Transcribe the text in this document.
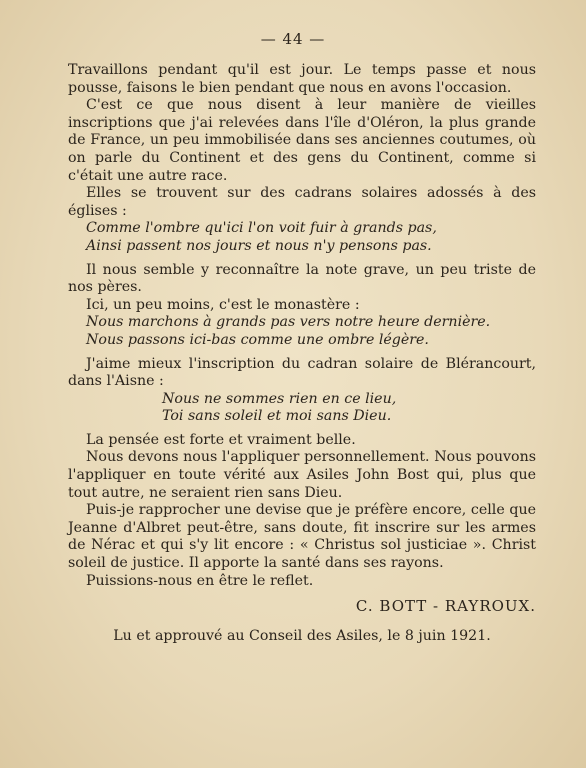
— 44 —

Travaillons pendant qu'il est jour. Le temps passe et nous pousse, faisons le bien pendant que nous en avons l'occasion.

C'est ce que nous disent à leur manière de vieilles inscriptions que j'ai relevées dans l'île d'Oléron, la plus grande de France, un peu immobilisée dans ses anciennes coutumes, où on parle du Continent et des gens du Continent, comme si c'était une autre race.

Elles se trouvent sur des cadrans solaires adossés à des églises :

Comme l'ombre qu'ici l'on voit fuir à grands pas,

Ainsi passent nos jours et nous n'y pensons pas.

Il nous semble y reconnaître la note grave, un peu triste de nos pères.

Ici, un peu moins, c'est le monastère :

Nous marchons à grands pas vers notre heure dernière.

Nous passons ici-bas comme une ombre légère.

J'aime mieux l'inscription du cadran solaire de Blérancourt, dans l'Aisne :

Nous ne sommes rien en ce lieu,

Toi sans soleil et moi sans Dieu.

La pensée est forte et vraiment belle.

Nous devons nous l'appliquer personnellement. Nous pouvons l'appliquer en toute vérité aux Asiles John Bost qui, plus que tout autre, ne seraient rien sans Dieu.

Puis-je rapprocher une devise que je préfère encore, celle que Jeanne d'Albret peut-être, sans doute, fit inscrire sur les armes de Nérac et qui s'y lit encore : « Christus sol justiciae ». Christ soleil de justice. Il apporte la santé dans ses rayons.

Puissions-nous en être le reflet.

C. BOTT - RAYROUX.

Lu et approuvé au Conseil des Asiles, le 8 juin 1921.
